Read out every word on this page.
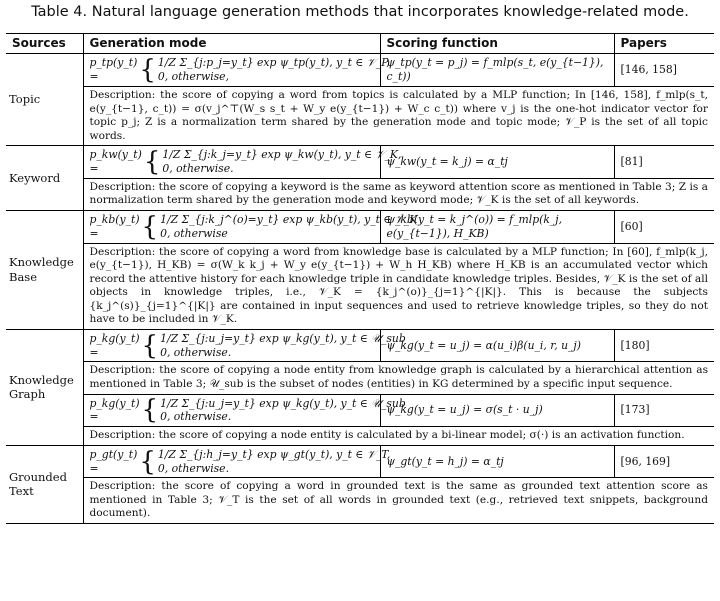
Table 4. Natural language generation methods that incorporates knowledge-related mode.
Sources	Generation mode	Scoring function	Papers
Topic	p_tp(y_t) = { 1/Z Σ_{j:p_j=y_t} exp ψ_tp(y_t), y_t ∈ 𝒱_P,
0, otherwise,	ψ_tp(y_t = p_j) = f_mlp(s_t, e(y_{t−1}), c_t))	[146, 158]
	Description: the score of copying a word from topics is calculated by a MLP function; In [146, 158], f_mlp(s_t, e(y_{t−1}, c_t)) = σ(v_j^⊤(W_s s_t + W_y e(y_{t−1}) + W_c c_t)) where v_j is the one-hot indicator vector for topic p_j; Z is a normalization term shared by the generation mode and topic mode; 𝒱_P is the set of all topic words.		
Keyword	p_kw(y_t) = { 1/Z Σ_{j:k_j=y_t} exp ψ_kw(y_t), y_t ∈ 𝒱_K,
0, otherwise.	ψ_kw(y_t = k_j) = α_tj	[81]
	Description: the score of copying a keyword is the same as keyword attention score as mentioned in Table 3; Z is a normalization term shared by the generation mode and keyword mode; 𝒱_K is the set of all keywords.		
Knowledge Base	p_kb(y_t) = { 1/Z Σ_{j:k_j^(o)=y_t} exp ψ_kb(y_t), y_t ∈ 𝒱_K
0, otherwise	ψ_kb(y_t = k_j^(o)) = f_mlp(k_j, e(y_{t−1}), H_KB)	[60]
	Description: the score of copying a word from knowledge base is calculated by a MLP function; In [60], f_mlp(k_j, e(y_{t−1}), H_KB) = σ(W_k k_j + W_y e(y_{t−1}) + W_h H_KB) where H_KB is an accumulated vector which record the attentive history for each knowledge triple in candidate knowledge triples. Besides, 𝒱_K is the set of all objects in knowledge triples, i.e., 𝒱_K = {k_j^(o)}_{j=1}^{|K|}. This is because the subjects {k_j^(s)}_{j=1}^{|K|} are contained in input sequences and used to retrieve knowledge triples, so they do not have to be included in 𝒱_K.		
Knowledge Graph	p_kg(y_t) = { 1/Z Σ_{j:u_j=y_t} exp ψ_kg(y_t), y_t ∈ 𝒰_sub
0, otherwise.	ψ_kg(y_t = u_j) = α(u_i)β(u_i, r, u_j)	[180]
	Description: the score of copying a node entity from knowledge graph is calculated by a hierarchical attention as mentioned in Table 3; 𝒰_sub is the subset of nodes (entities) in KG determined by a specific input sequence.		

	p_kg(y_t) = { 1/Z Σ_{j:u_j=y_t} exp ψ_kg(y_t), y_t ∈ 𝒰_sub
0, otherwise.	ψ_kg(y_t = u_j) = σ(s_t · u_j)	[173]
	Description: the score of copying a node entity is calculated by a bi-linear model; σ(·) is an activation function.		
Grounded Text	p_gt(y_t) = { 1/Z Σ_{j:h_j=y_t} exp ψ_gt(y_t), y_t ∈ 𝒱_T,
0, otherwise.	ψ_gt(y_t = h_j) = α_tj	[96, 169]
	Description: the score of copying a word in grounded text is the same as grounded text attention score as mentioned in Table 3; 𝒱_T is the set of all words in grounded text (e.g., retrieved text snippets, background document).		
